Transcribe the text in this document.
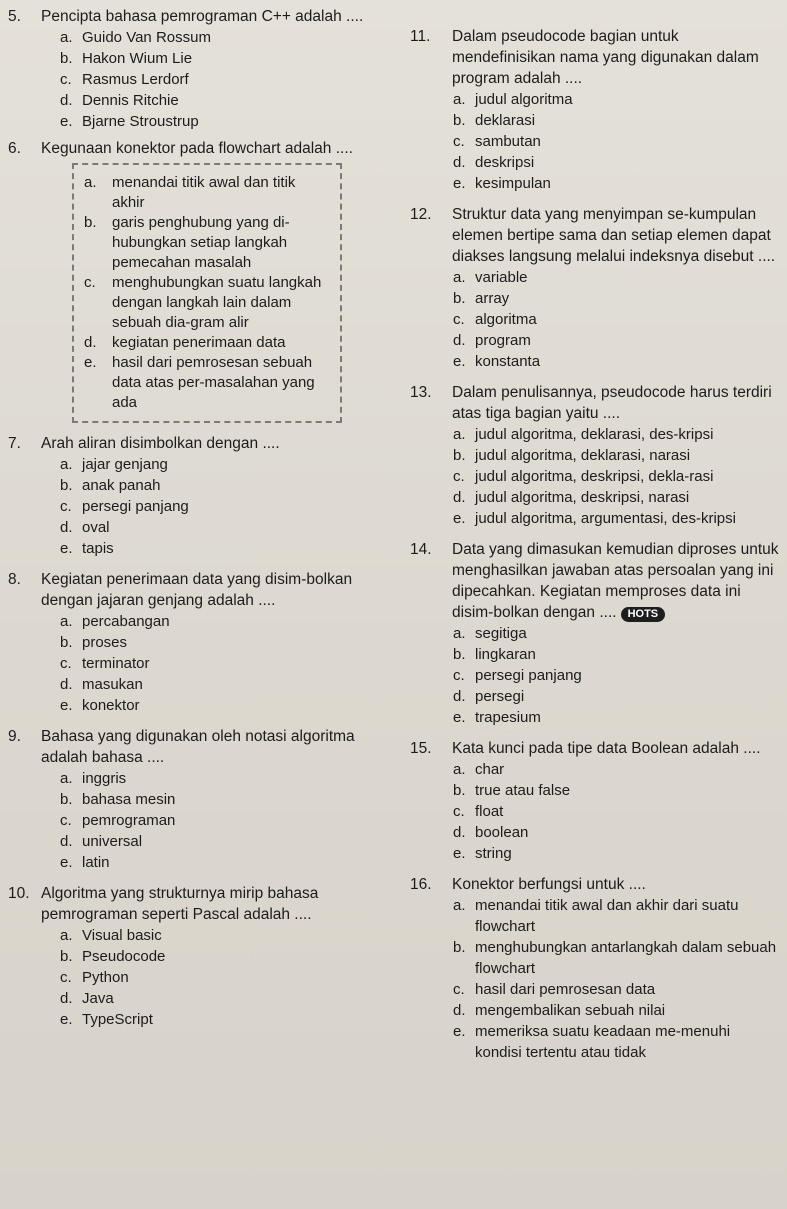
5.	Pencipta bahasa pemrograman C++ adalah ....
a. Guido Van Rossum
b. Hakon Wium Lie
c. Rasmus Lerdorf
d. Dennis Ritchie
e. Bjarne Stroustrup
6.	Kegunaan konektor pada flowchart adalah ....
a.	menandai titik awal dan titik akhir
b.	garis penghubung yang di-hubungkan setiap langkah pemecahan masalah
c.	menghubungkan suatu langkah dengan langkah lain dalam sebuah dia-gram alir
d.	kegiatan penerimaan data
e.	hasil dari pemrosesan sebuah data atas per-masalahan yang ada
7.	Arah aliran disimbolkan dengan ....
a. jajar genjang
b. anak panah
c. persegi panjang
d. oval
e. tapis
8.	Kegiatan penerimaan data yang disim-bolkan dengan jajaran genjang adalah ....
a. percabangan
b. proses
c. terminator
d. masukan
e. konektor
9.	Bahasa yang digunakan oleh notasi algoritma adalah bahasa ....
a. inggris
b. bahasa mesin
c. pemrograman
d. universal
e. latin
10. Algoritma yang strukturnya mirip bahasa pemrograman seperti Pascal adalah ....
a. Visual basic
b. Pseudocode
c. Python
d. Java
e. TypeScript
11.	Dalam pseudocode bagian untuk mendefinisikan nama yang digunakan dalam program adalah ....
a. judul algoritma
b. deklarasi
c. sambutan
d. deskripsi
e. kesimpulan
12.	Struktur data yang menyimpan se-kumpulan elemen bertipe sama dan setiap elemen dapat diakses langsung melalui indeksnya disebut ....
a. variable
b. array
c. algoritma
d. program
e. konstanta
13.	Dalam penulisannya, pseudocode harus terdiri atas tiga bagian yaitu ....
a. judul algoritma, deklarasi, des-kripsi
b. judul algoritma, deklarasi, narasi
c. judul algoritma, deskripsi, dekla-rasi
d. judul algoritma, deskripsi, narasi
e. judul algoritma, argumentasi, des-kripsi
14.	Data yang dimasukan kemudian diproses untuk menghasilkan jawaban atas persoalan yang ini dipecahkan. Kegiatan memproses data ini disim-bolkan dengan .... HOTS
a. segitiga
b. lingkaran
c. persegi panjang
d. persegi
e. trapesium
15.	Kata kunci pada tipe data Boolean adalah ....
a. char
b. true atau false
c. float
d. boolean
e. string
16.	Konektor berfungsi untuk ....
a. menandai titik awal dan akhir dari suatu flowchart
b. menghubungkan antarlangkah dalam sebuah flowchart
c. hasil dari pemrosesan data
d. mengembalikan sebuah nilai
e. memeriksa suatu keadaan me-menuhi kondisi tertentu atau tidak
